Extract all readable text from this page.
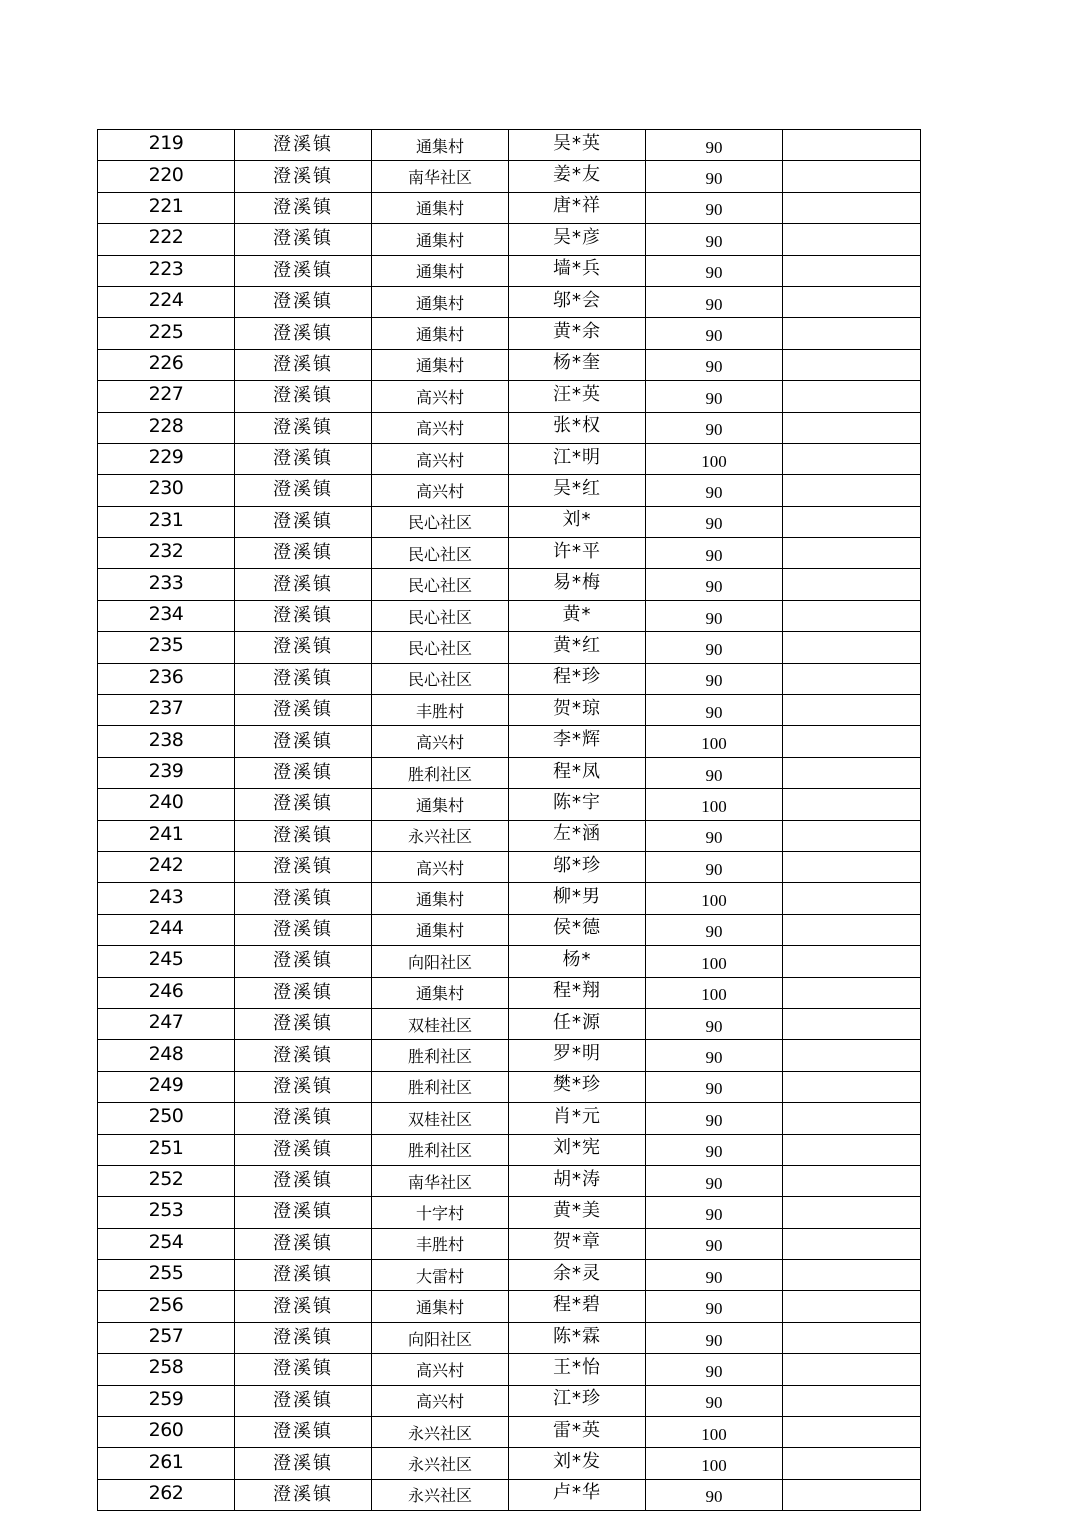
219	澄溪镇	通集村	吴*英	90	
220	澄溪镇	南华社区	姜*友	90	
221	澄溪镇	通集村	唐*祥	90	
222	澄溪镇	通集村	吴*彦	90	
223	澄溪镇	通集村	墙*兵	90	
224	澄溪镇	通集村	邬*会	90	
225	澄溪镇	通集村	黄*余	90	
226	澄溪镇	通集村	杨*奎	90	
227	澄溪镇	高兴村	汪*英	90	
228	澄溪镇	高兴村	张*权	90	
229	澄溪镇	高兴村	江*明	100	
230	澄溪镇	高兴村	吴*红	90	
231	澄溪镇	民心社区	刘*	90	
232	澄溪镇	民心社区	许*平	90	
233	澄溪镇	民心社区	易*梅	90	
234	澄溪镇	民心社区	黄*	90	
235	澄溪镇	民心社区	黄*红	90	
236	澄溪镇	民心社区	程*珍	90	
237	澄溪镇	丰胜村	贺*琼	90	
238	澄溪镇	高兴村	李*辉	100	
239	澄溪镇	胜利社区	程*凤	90	
240	澄溪镇	通集村	陈*宇	100	
241	澄溪镇	永兴社区	左*涵	90	
242	澄溪镇	高兴村	邬*珍	90	
243	澄溪镇	通集村	柳*男	100	
244	澄溪镇	通集村	侯*德	90	
245	澄溪镇	向阳社区	杨*	100	
246	澄溪镇	通集村	程*翔	100	
247	澄溪镇	双桂社区	任*源	90	
248	澄溪镇	胜利社区	罗*明	90	
249	澄溪镇	胜利社区	樊*珍	90	
250	澄溪镇	双桂社区	肖*元	90	
251	澄溪镇	胜利社区	刘*宪	90	
252	澄溪镇	南华社区	胡*涛	90	
253	澄溪镇	十字村	黄*美	90	
254	澄溪镇	丰胜村	贺*章	90	
255	澄溪镇	大雷村	余*灵	90	
256	澄溪镇	通集村	程*碧	90	
257	澄溪镇	向阳社区	陈*霖	90	
258	澄溪镇	高兴村	王*怡	90	
259	澄溪镇	高兴村	江*珍	90	
260	澄溪镇	永兴社区	雷*英	100	
261	澄溪镇	永兴社区	刘*发	100	
262	澄溪镇	永兴社区	卢*华	90	
